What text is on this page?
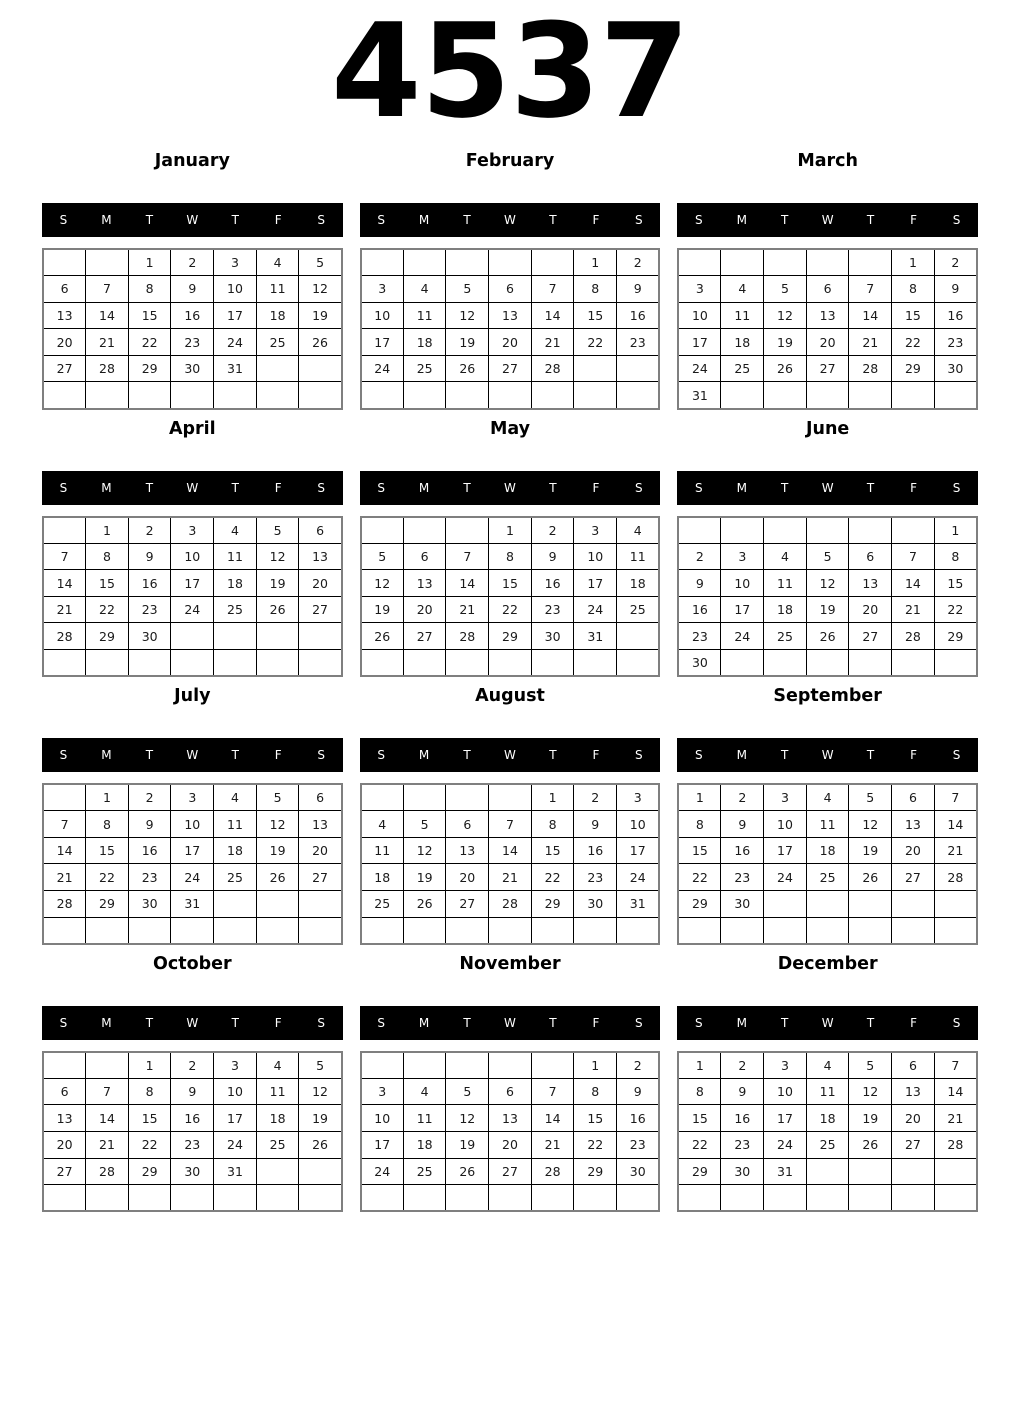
4537
January
S	M	T	W	T	F	S
		1	2	3	4	5
6	7	8	9	10	11	12
13	14	15	16	17	18	19
20	21	22	23	24	25	26
27	28	29	30	31		

February
S	M	T	W	T	F	S
					1	2
3	4	5	6	7	8	9
10	11	12	13	14	15	16
17	18	19	20	21	22	23
24	25	26	27	28		

March
S	M	T	W	T	F	S
					1	2
3	4	5	6	7	8	9
10	11	12	13	14	15	16
17	18	19	20	21	22	23
24	25	26	27	28	29	30
31						
April
S	M	T	W	T	F	S
	1	2	3	4	5	6
7	8	9	10	11	12	13
14	15	16	17	18	19	20
21	22	23	24	25	26	27
28	29	30				

May
S	M	T	W	T	F	S
			1	2	3	4
5	6	7	8	9	10	11
12	13	14	15	16	17	18
19	20	21	22	23	24	25
26	27	28	29	30	31	

June
S	M	T	W	T	F	S
						1
2	3	4	5	6	7	8
9	10	11	12	13	14	15
16	17	18	19	20	21	22
23	24	25	26	27	28	29
30						
July
S	M	T	W	T	F	S
	1	2	3	4	5	6
7	8	9	10	11	12	13
14	15	16	17	18	19	20
21	22	23	24	25	26	27
28	29	30	31			

August
S	M	T	W	T	F	S
				1	2	3
4	5	6	7	8	9	10
11	12	13	14	15	16	17
18	19	20	21	22	23	24
25	26	27	28	29	30	31

September
S	M	T	W	T	F	S
1	2	3	4	5	6	7
8	9	10	11	12	13	14
15	16	17	18	19	20	21
22	23	24	25	26	27	28
29	30					

October
S	M	T	W	T	F	S
		1	2	3	4	5
6	7	8	9	10	11	12
13	14	15	16	17	18	19
20	21	22	23	24	25	26
27	28	29	30	31		

November
S	M	T	W	T	F	S
					1	2
3	4	5	6	7	8	9
10	11	12	13	14	15	16
17	18	19	20	21	22	23
24	25	26	27	28	29	30

December
S	M	T	W	T	F	S
1	2	3	4	5	6	7
8	9	10	11	12	13	14
15	16	17	18	19	20	21
22	23	24	25	26	27	28
29	30	31				
